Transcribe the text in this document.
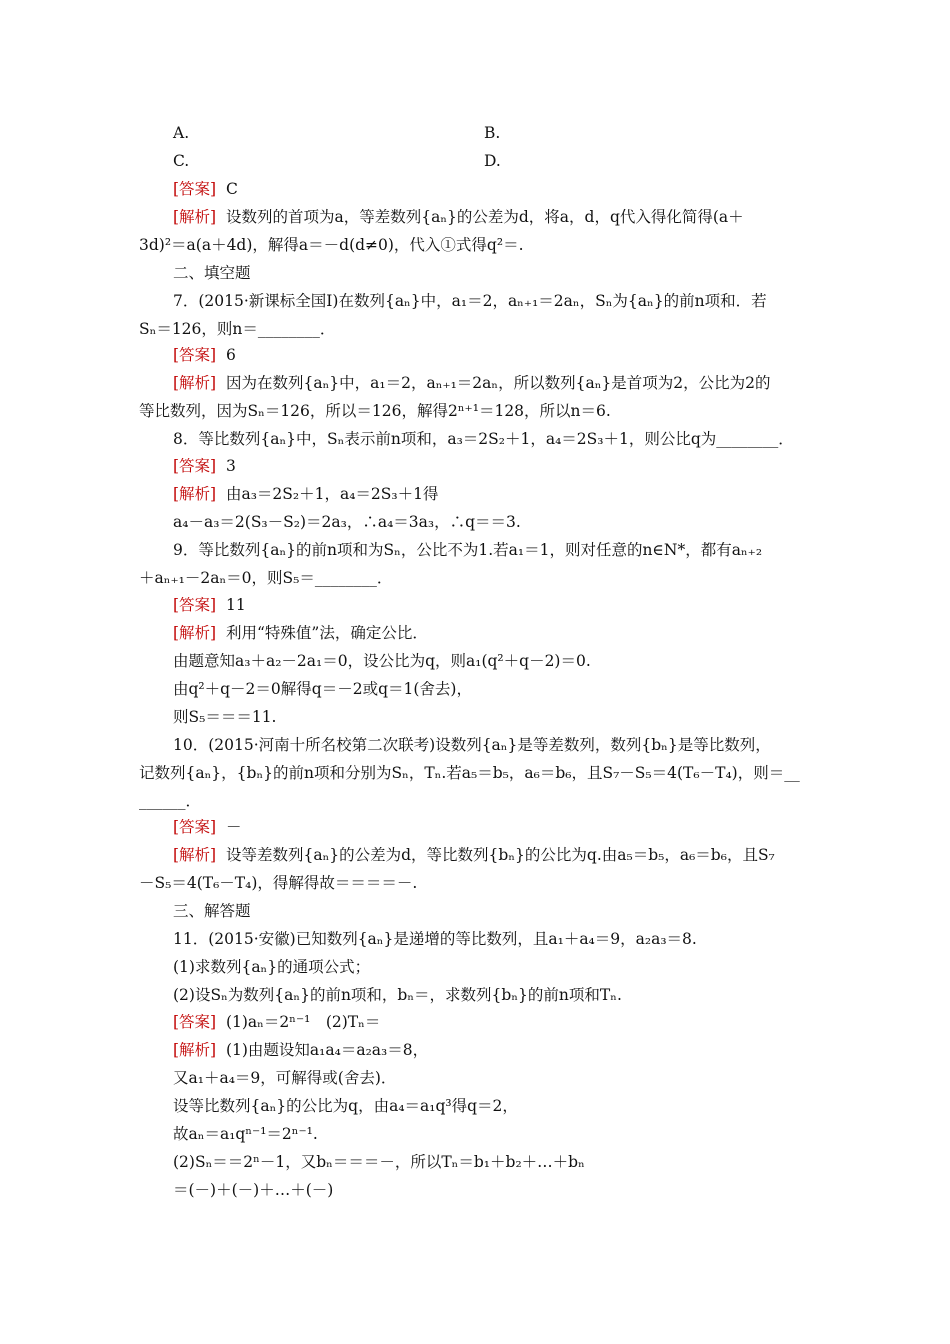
A.	B.
C.	D.
[答案] C
[解析] 设数列的首项为a，等差数列{aₙ}的公差为d，将a，d，q代入得化简得(a＋
3d)²＝a(a＋4d)，解得a＝－d(d≠0)，代入①式得q²＝.
二、填空题
7．(2015·新课标全国Ⅰ)在数列{aₙ}中，a₁＝2，aₙ₊₁＝2aₙ，Sₙ为{aₙ}的前n项和．若
Sₙ＝126，则n＝________．
[答案] 6
[解析] 因为在数列{aₙ}中，a₁＝2，aₙ₊₁＝2aₙ，所以数列{aₙ}是首项为2，公比为2的
等比数列，因为Sₙ＝126，所以＝126，解得2ⁿ⁺¹＝128，所以n＝6.
8．等比数列{aₙ}中，Sₙ表示前n项和，a₃＝2S₂＋1，a₄＝2S₃＋1，则公比q为________．
[答案] 3
[解析] 由a₃＝2S₂＋1，a₄＝2S₃＋1得
a₄－a₃＝2(S₃－S₂)＝2a₃，∴a₄＝3a₃，∴q＝＝3.
9．等比数列{aₙ}的前n项和为Sₙ，公比不为1.若a₁＝1，则对任意的n∈N*，都有aₙ₊₂
＋aₙ₊₁－2aₙ＝0，则S₅＝________．
[答案] 11
[解析] 利用“特殊值”法，确定公比．
由题意知a₃＋a₂－2a₁＝0，设公比为q，则a₁(q²＋q－2)＝0.
由q²＋q－2＝0解得q＝－2或q＝1(舍去)，
则S₅＝＝＝11.
10．(2015·河南十所名校第二次联考)设数列{aₙ}是等差数列，数列{bₙ}是等比数列，
记数列{aₙ}，{bₙ}的前n项和分别为Sₙ，Tₙ.若a₅＝b₅，a₆＝b₆，且S₇－S₅＝4(T₆－T₄)，则＝__
______．
[答案] －
[解析] 设等差数列{aₙ}的公差为d，等比数列{bₙ}的公比为q.由a₅＝b₅，a₆＝b₆，且S₇
－S₅＝4(T₆－T₄)，得解得故＝＝＝＝－.
三、解答题
11．(2015·安徽)已知数列{aₙ}是递增的等比数列，且a₁＋a₄＝9，a₂a₃＝8.
(1)求数列{aₙ}的通项公式；
(2)设Sₙ为数列{aₙ}的前n项和，bₙ＝，求数列{bₙ}的前n项和Tₙ.
[答案] (1)aₙ＝2ⁿ⁻¹　(2)Tₙ＝
[解析] (1)由题设知a₁a₄＝a₂a₃＝8，
又a₁＋a₄＝9，可解得或(舍去)．
设等比数列{aₙ}的公比为q，由a₄＝a₁q³得q＝2，
故aₙ＝a₁qⁿ⁻¹＝2ⁿ⁻¹.
(2)Sₙ＝＝2ⁿ－1，又bₙ＝＝＝－，所以Tₙ＝b₁＋b₂＋…＋bₙ
＝(－)＋(－)＋…＋(－)
